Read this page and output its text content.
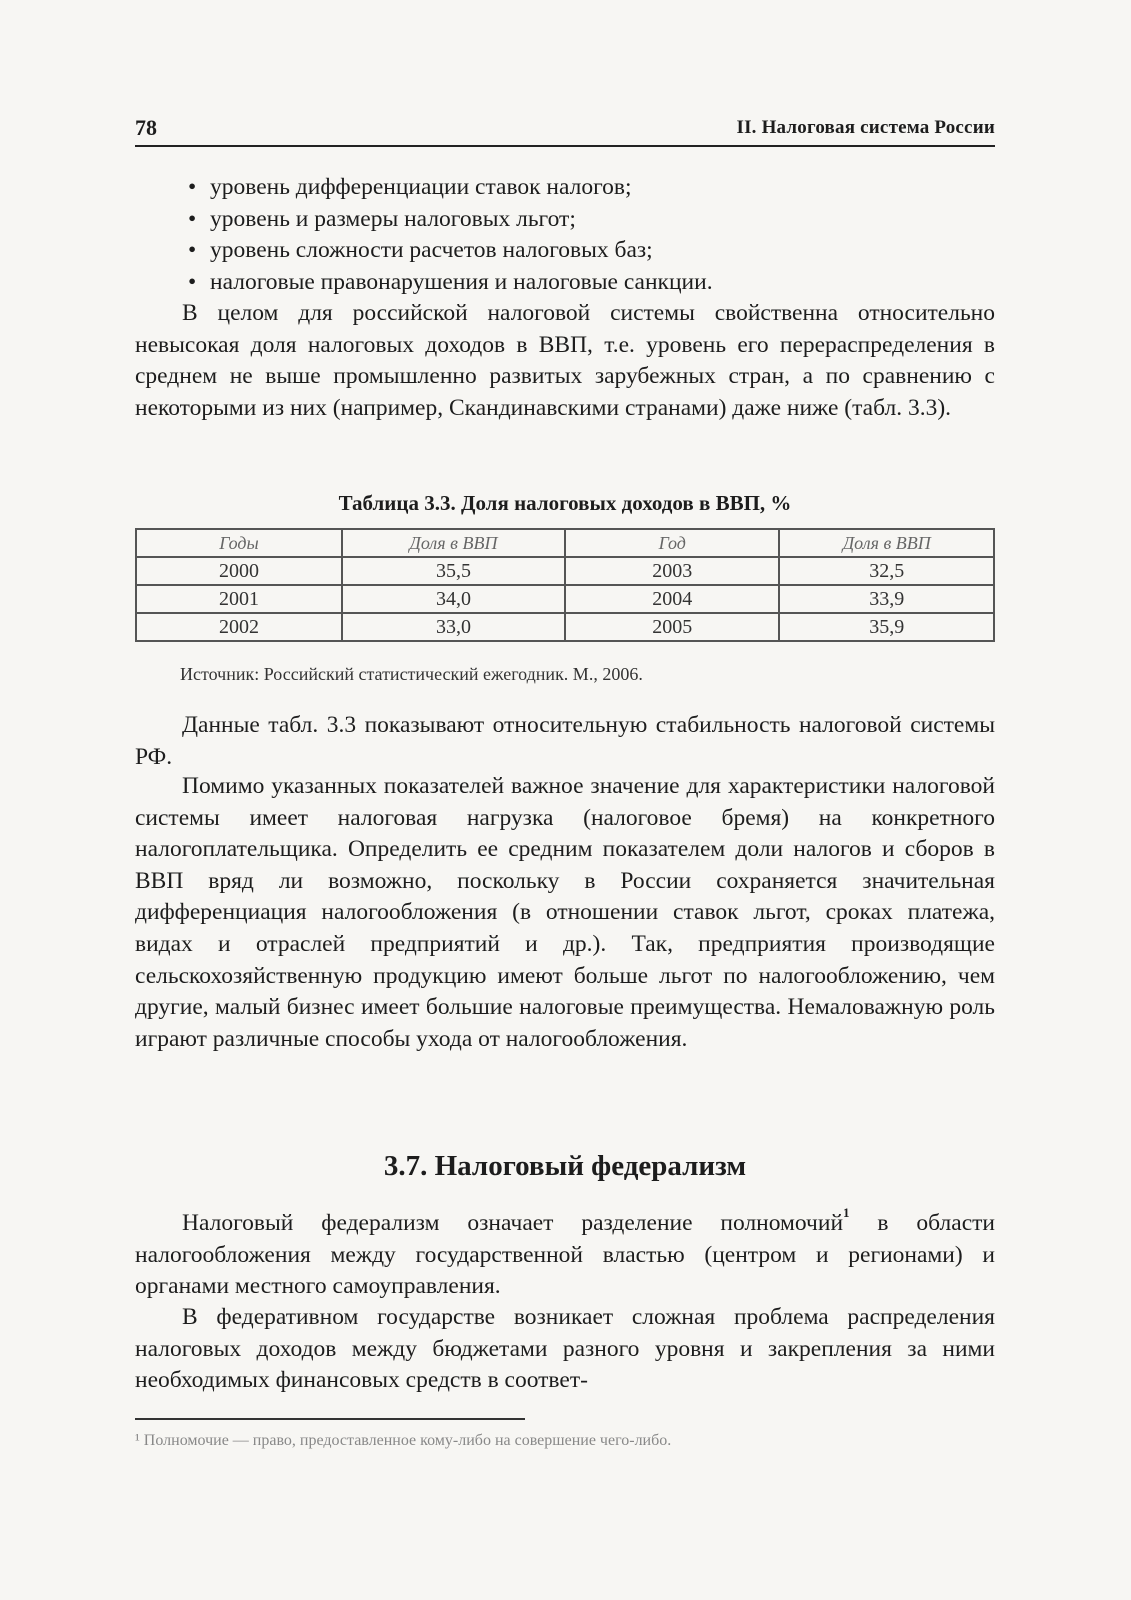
78	II. Налоговая система России
• уровень дифференциации ставок налогов;
• уровень и размеры налоговых льгот;
• уровень сложности расчетов налоговых баз;
• налоговые правонарушения и налоговые санкции.

В целом для российской налоговой системы свойственна относительно невысокая доля налоговых доходов в ВВП, т.е. уровень его перераспределения в среднем не выше промышленно развитых зарубежных стран, а по сравнению с некоторыми из них (например, Скандинавскими странами) даже ниже (табл. 3.3).

Таблица 3.3. Доля налоговых доходов в ВВП, %
Годы	Доля в ВВП	Год	Доля в ВВП
2000	35,5	2003	32,5
2001	34,0	2004	33,9
2002	33,0	2005	35,9
Источник: Российский статистический ежегодник. М., 2006.

Данные табл. 3.3 показывают относительную стабильность налоговой системы РФ.

Помимо указанных показателей важное значение для характеристики налоговой системы имеет налоговая нагрузка (налоговое бремя) на конкретного налогоплательщика. Определить ее средним показателем доли налогов и сборов в ВВП вряд ли возможно, поскольку в России сохраняется значительная дифференциация налогообложения (в отношении ставок льгот, сроках платежа, видах и отраслей предприятий и др.). Так, предприятия производящие сельскохозяйственную продукцию имеют больше льгот по налогообложению, чем другие, малый бизнес имеет большие налоговые преимущества. Немаловажную роль играют различные способы ухода от налогообложения.

3.7. Налоговый федерализм

Налоговый федерализм означает разделение полномочий$^1$ в области налогообложения между государственной властью (центром и регионами) и органами местного самоуправления.

В федеративном государстве возникает сложная проблема распределения налоговых доходов между бюджетами разного уровня и закрепления за ними необходимых финансовых средств в соответ-

¹ Полномочие — право, предоставленное кому-либо на совершение чего-либо.
